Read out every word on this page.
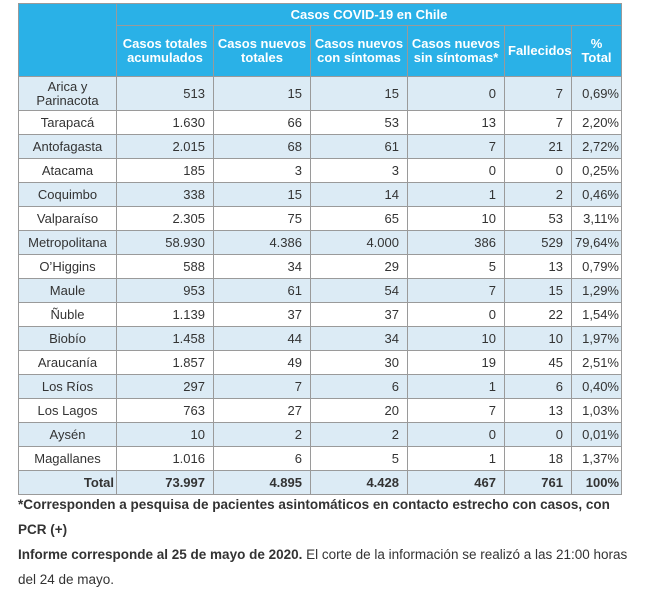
	Casos COVID-19 en Chile					
	Casos totales acumulados	Casos nuevos totales	Casos nuevos con síntomas	Casos nuevos sin síntomas*	Fallecidos	% Total
Arica y Parinacota	513	15	15	0	7	0,69%
Tarapacá	1.630	66	53	13	7	2,20%
Antofagasta	2.015	68	61	7	21	2,72%
Atacama	185	3	3	0	0	0,25%
Coquimbo	338	15	14	1	2	0,46%
Valparaíso	2.305	75	65	10	53	3,11%
Metropolitana	58.930	4.386	4.000	386	529	79,64%
O’Higgins	588	34	29	5	13	0,79%
Maule	953	61	54	7	15	1,29%
Ñuble	1.139	37	37	0	22	1,54%
Biobío	1.458	44	34	10	10	1,97%
Araucanía	1.857	49	30	19	45	2,51%
Los Ríos	297	7	6	1	6	0,40%
Los Lagos	763	27	20	7	13	1,03%
Aysén	10	2	2	0	0	0,01%
Magallanes	1.016	6	5	1	18	1,37%
Total	73.997	4.895	4.428	467	761	100%

*Corresponden a pesquisa de pacientes asintomáticos en contacto estrecho con casos, con PCR (+)

Informe corresponde al 25 de mayo de 2020. El corte de la información se realizó a las 21:00 horas del 24 de mayo.
